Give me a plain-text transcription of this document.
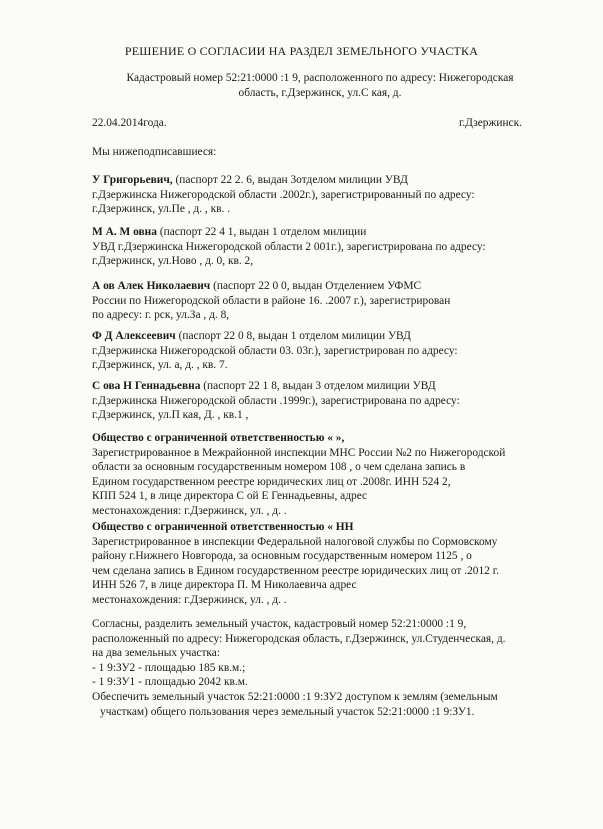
РЕШЕНИЕ О СОГЛАСИИ НА РАЗДЕЛ ЗЕМЕЛЬНОГО УЧАСТКА
Кадастровый номер 52:21:0000 :1 9, расположенного по адресу: Нижегородская
область, г.Дзержинск, ул.С кая, д.
22.04.2014года.	г.Дзержинск.
Мы нижеподписавшиеся:
У Григорьевич, (паспорт 22 2. 6, выдан 3отделом милиции УВД
г.Дзержинска Нижегородской области .2002г.), зарегистрированный по адресу:
г.Дзержинск, ул.Пе , д. , кв. .
М А. М овна (паспорт 22 4 1, выдан 1 отделом милиции
УВД г.Дзержинска Нижегородской области 2 001г.), зарегистрирована по адресу:
г.Дзержинск, ул.Ново , д. 0, кв. 2,
А ов Алек Николаевич (паспорт 22 0 0, выдан Отделением УФМС
России по Нижегородской области в районе 16. .2007 г.), зарегистрирован
по адресу: г. рск, ул.За , д. 8,
Ф Д Алексеевич (паспорт 22 0 8, выдан 1 отделом милиции УВД
г.Дзержинска Нижегородской области 03. 03г.), зарегистрирован по адресу:
г.Дзержинск, ул. а, д. , кв. 7.
С ова Н Геннадьевна (паспорт 22 1 8, выдан 3 отделом милиции УВД
г.Дзержинска Нижегородской области .1999г.), зарегистрирована по адресу:
г.Дзержинск, ул.П кая, Д. , кв.1 ,
Общество с ограниченной ответственностью « »,
Зарегистрированное в Межрайонной инспекции МНС России №2 по Нижегородской
области за основным государственным номером 108 , о чем сделана запись в
Едином государственном реестре юридических лиц от .2008г. ИНН 524 2,
КПП 524 1, в лице директора С ой Е Геннадьевны, адрес
местонахождения: г.Дзержинск, ул. , д. .
Общество с ограниченной ответственностью « НН
Зарегистрированное в инспекции Федеральной налоговой службы по Сормовскому
району г.Нижнего Новгорода, за основным государственным номером 1125 , о
чем сделана запись в Едином государственном реестре юридических лиц от .2012 г.
ИНН 526 7, в лице директора П. М Николаевича адрес
местонахождения: г.Дзержинск, ул. , д. .
Согласны, разделить земельный участок, кадастровый номер 52:21:0000 :1 9,
расположенный по адресу: Нижегородская область, г.Дзержинск, ул.Студенческая, д.
на два земельных участка:
- 1 9:ЗУ2 - площадью 185 кв.м.;
- 1 9:ЗУ1 - площадью 2042 кв.м.
Обеспечить земельный участок 52:21:0000 :1 9:ЗУ2 доступом к землям (земельным
участкам) общего пользования через земельный участок 52:21:0000 :1 9:ЗУ1.
